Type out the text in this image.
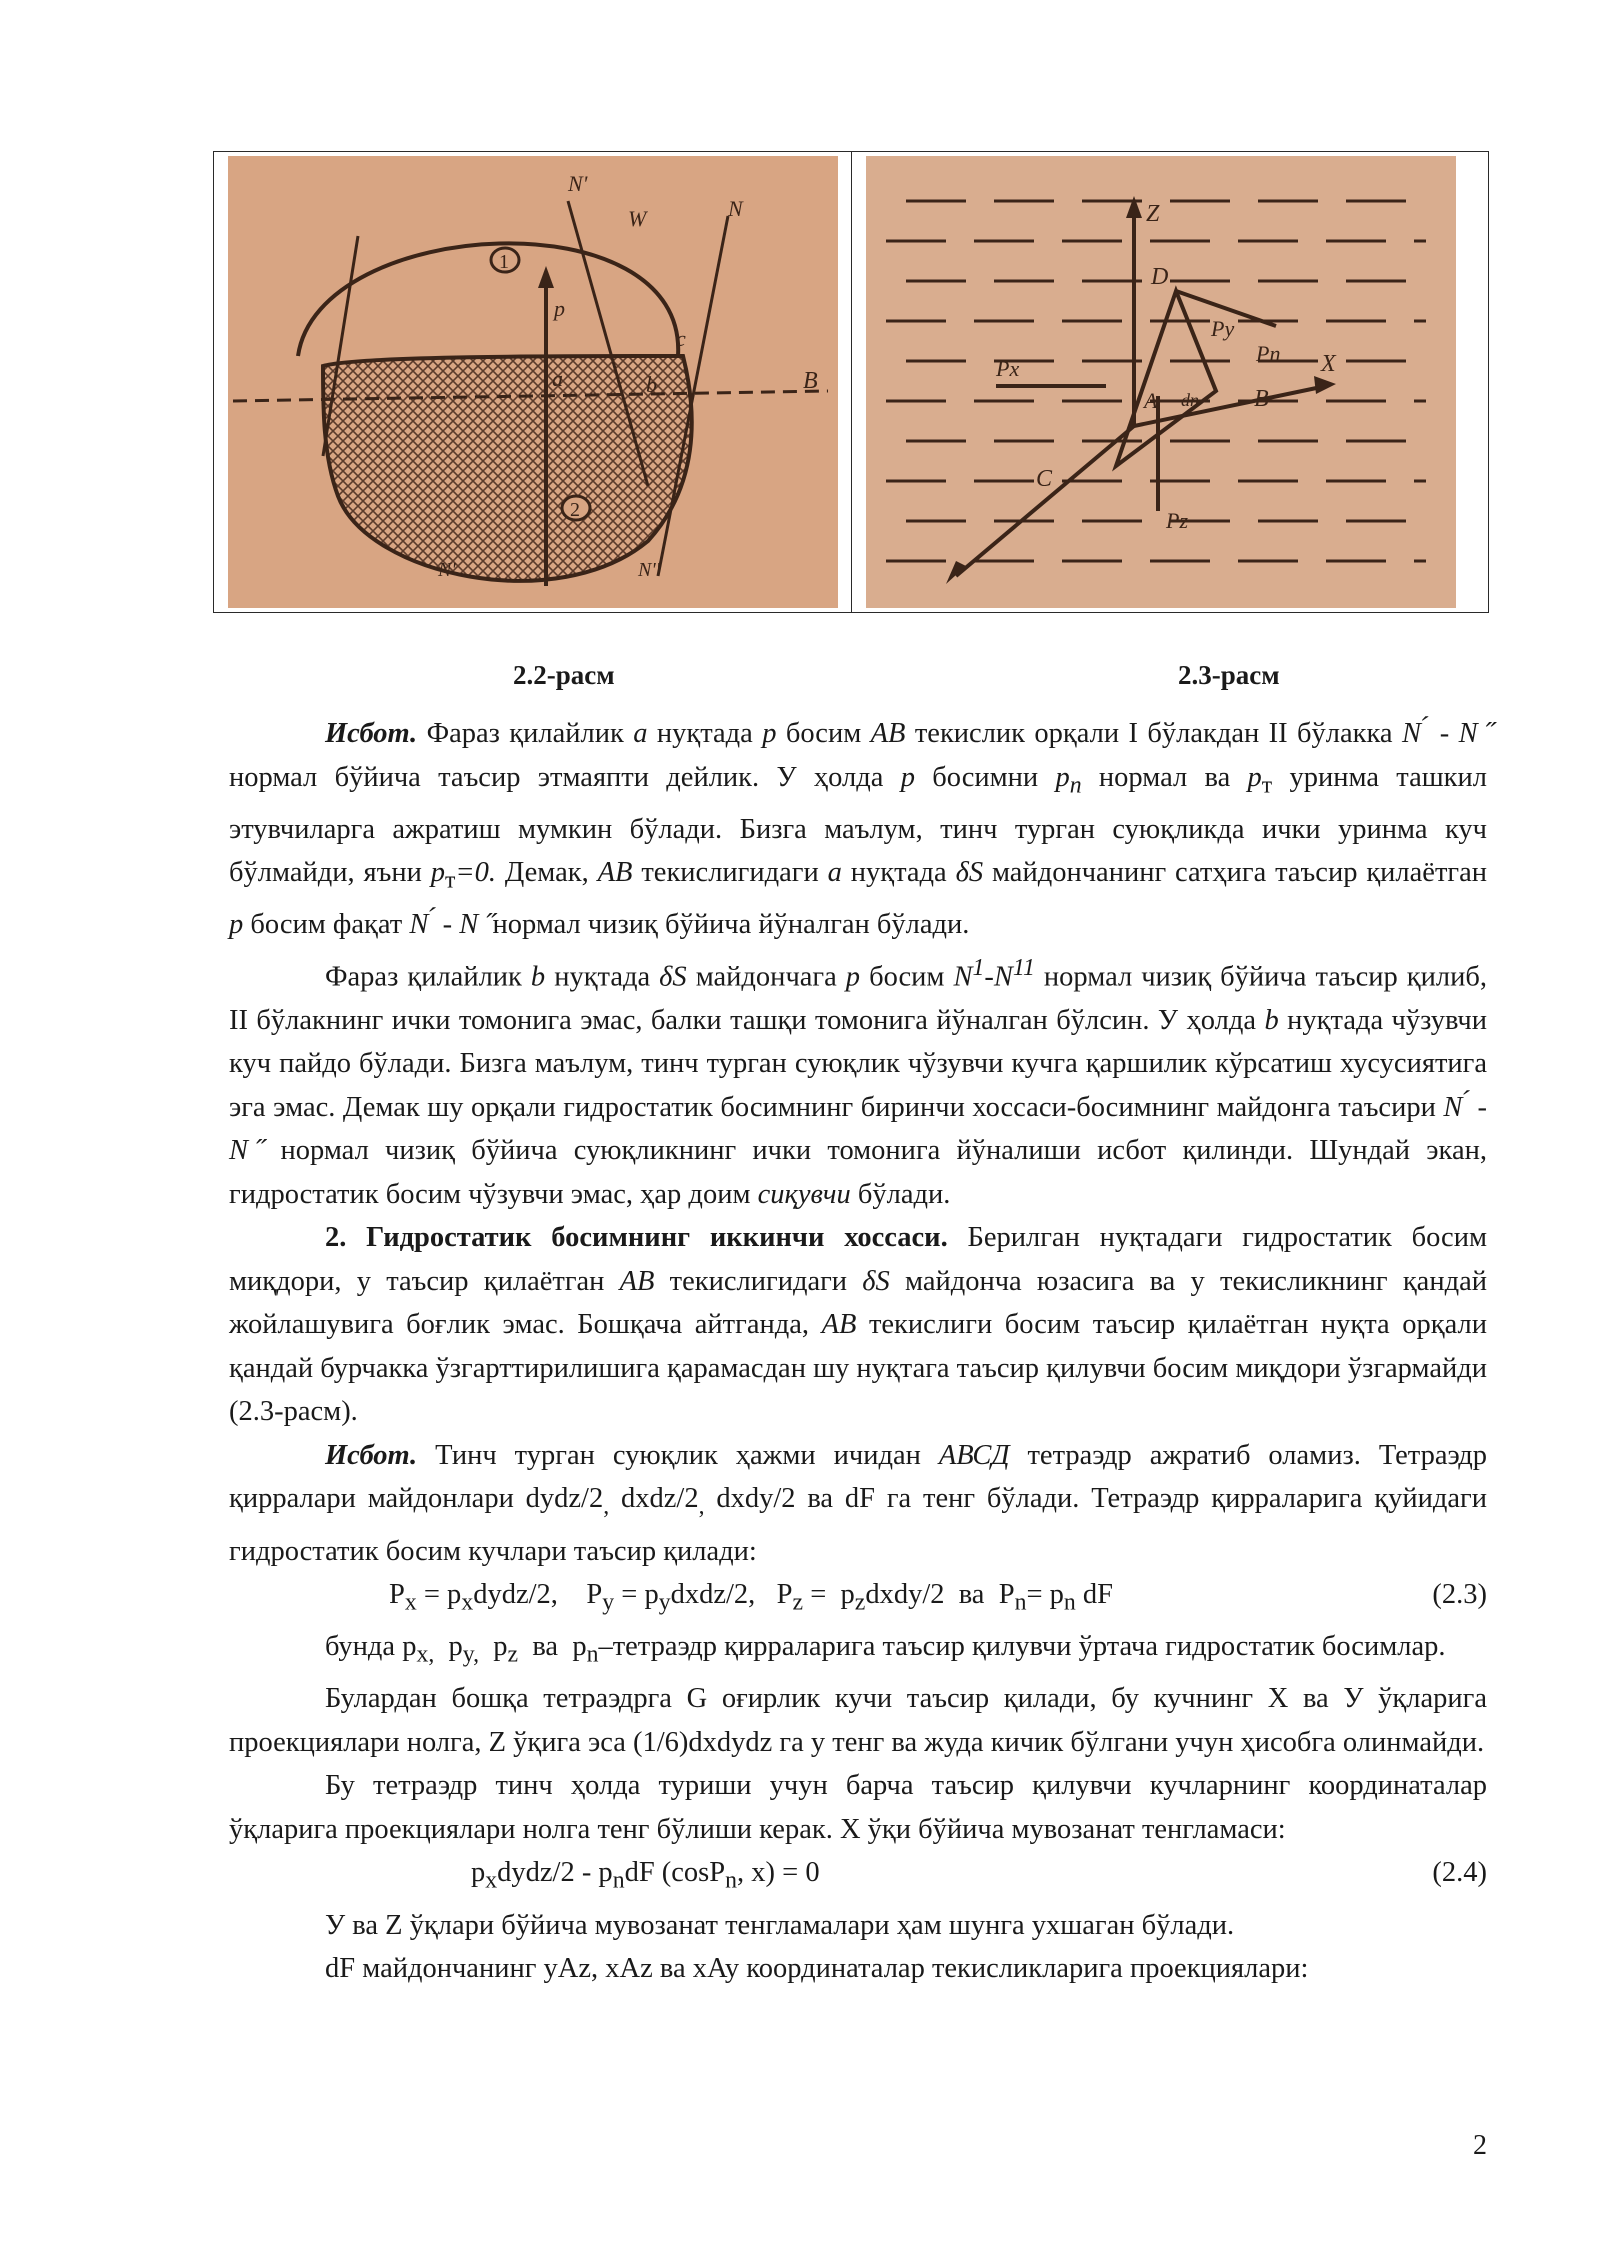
N'
W	N
1
2
a
p
c
b	B
N'	N''
Z
X
D
A	B
C
Pn
Px
Py
Pz
dn
2.2-расм	2.3-расм

Исбот. Фараз қилайлик a нуқтада p босим АВ текислик орқали I бўлакдан II бўлакка N ́ - N ̋ нормал бўйича таъсир этмаяпти дейлик. У ҳолда р босимни $р_n$ нормал ва $р_т$ уринма ташкил этувчиларга ажратиш мумкин бўлади. Бизга маълум, тинч турган суюқликда ички уринма куч бўлмайди, яъни $р_т=0$. Демак, AB текислигидаги a нуқтада δS майдончанинг сатҳига таъсир қилаётган p босим фақат N ́ - N ̋ нормал чизиқ бўйича йўналган бўлади.

Фараз қилайлик b нуқтада δS майдончага p босим $N^1-N^{11}$ нормал чизиқ бўйича таъсир қилиб, II бўлакнинг ички томонига эмас, балки ташқи томонига йўналган бўлсин. У ҳолда b нуқтада чўзувчи куч пайдо бўлади. Бизга маълум, тинч турган суюқлик чўзувчи кучга қаршилик кўрсатиш хусусиятига эга эмас. Демак шу орқали гидростатик босимнинг биринчи хоссаси-босимнинг майдонга таъсири N ́ - N ̋ нормал чизиқ бўйича суюқликнинг ички томонига йўналиши исбот қилинди. Шундай экан, гидростатик босим чўзувчи эмас, ҳар доим сиқувчи бўлади.

2. Гидростатик босимнинг иккинчи хоссаси. Берилган нуқтадаги гидростатик босим миқдори, у таъсир қилаётган AB текислигидаги δS майдонча юзасига ва у текисликнинг қандай жойлашувига боғлик эмас. Бошқача айтганда, AB текислиги босим таъсир қилаётган нуқта орқали қандай бурчакка ўзгарттирилишига қарамасдан шу нуқтага таъсир қилувчи босим миқдори ўзгармайди (2.3-расм).

Исбот. Тинч турган суюқлик ҳажми ичидан АВСД тетраэдр ажратиб оламиз. Тетраэдр қирралари майдонлари dydz/$2_,$ dxdz/$2_,$ dxdy/2 ва dF га тенг бўлади. Тетраэдр қирраларига қуйидаги гидростатик босим кучлари таъсир қилади:

$P_x$ = $p_xdydz/2$,    $P_y$ = $p_ydxdz/2$,   $P_z$ =  $p_zdxdy/2$  ва  $P_n= p_n$ dF	(2.3)

бунда $p_{x,}$  $p_{y,}$  $p_z$  ва  $p_n$–тетраэдр қирраларига таъсир қилувчи ўртача гидростатик босимлар.

Булардан бошқа тетраэдрга G оғирлик кучи таъсир қилади, бу кучнинг X ва У ўқларига проекциялари нолга, Z ўқига эса (1/6)dxdydz га у тенг ва жуда кичик бўлгани учун ҳисобга олинмайди.

Бу тетраэдр тинч ҳолда туриши учун барча таъсир қилувчи кучларнинг координаталар ўқларига проекциялари нолга тенг бўлиши керак. X ўқи бўйича мувозанат тенгламаси:

$p_xdydz/2 - p_ndF$ (cosP$_n$, x) = 0	(2.4)

У ва Z ўқлари бўйича мувозанат тенгламалари ҳам шунга ухшаган бўлади.

dF майдончанинг yAz, xAz ва xAy координаталар текисликларига проекциялари:

2
